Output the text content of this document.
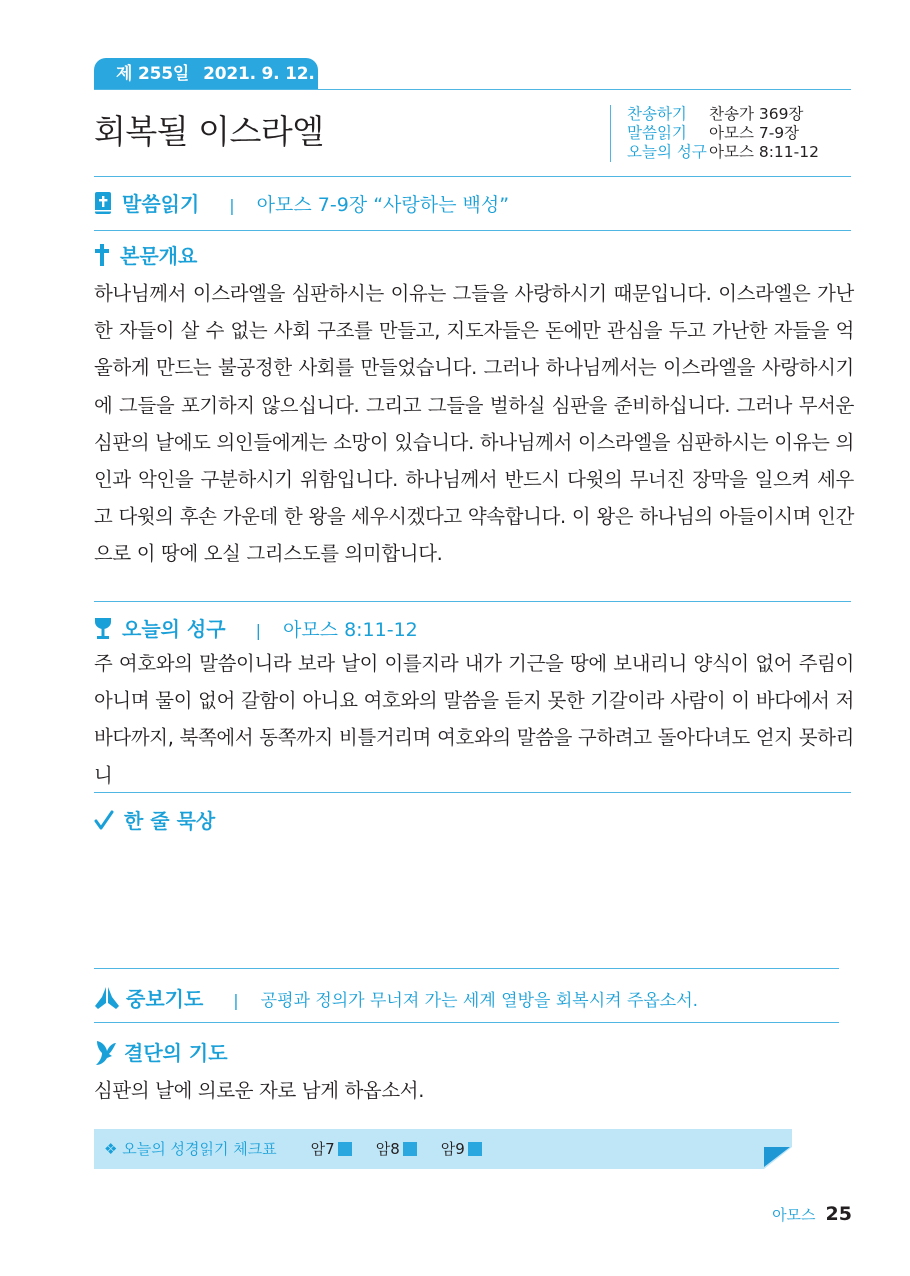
제 255일 2021. 9. 12. 주
회복될 이스라엘	찬송하기 찬송가 369장
말씀읽기 아모스 7-9장
오늘의 성구 아모스 8:11-12
말씀읽기 | 아모스 7-9장 “사랑하는 백성”
본문개요
하나님께서 이스라엘을 심판하시는 이유는 그들을 사랑하시기 때문입니다. 이스라엘은 가난한 자들이 살 수 없는 사회 구조를 만들고, 지도자들은 돈에만 관심을 두고 가난한 자들을 억울하게 만드는 불공정한 사회를 만들었습니다. 그러나 하나님께서는 이스라엘을 사랑하시기에 그들을 포기하지 않으십니다. 그리고 그들을 벌하실 심판을 준비하십니다. 그러나 무서운 심판의 날에도 의인들에게는 소망이 있습니다. 하나님께서 이스라엘을 심판하시는 이유는 의인과 악인을 구분하시기 위함입니다. 하나님께서 반드시 다윗의 무너진 장막을 일으켜 세우고 다윗의 후손 가운데 한 왕을 세우시겠다고 약속합니다. 이 왕은 하나님의 아들이시며 인간으로 이 땅에 오실 그리스도를 의미합니다.
오늘의 성구 | 아모스 8:11-12
주 여호와의 말씀이니라 보라 날이 이를지라 내가 기근을 땅에 보내리니 양식이 없어 주림이 아니며 물이 없어 갈함이 아니요 여호와의 말씀을 듣지 못한 기갈이라 사람이 이 바다에서 저 바다까지, 북쪽에서 동쪽까지 비틀거리며 여호와의 말씀을 구하려고 돌아다녀도 얻지 못하리니
한 줄 묵상
중보기도 | 공평과 정의가 무너져 가는 세계 열방을 회복시켜 주옵소서.
결단의 기도
심판의 날에 의로운 자로 남게 하옵소서.
❖ 오늘의 성경읽기 체크표 암7	암8	암9
아모스 25
